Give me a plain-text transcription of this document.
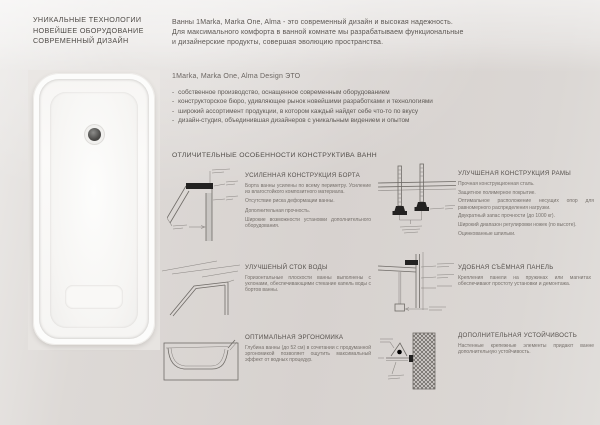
УНИКАЛЬНЫЕ ТЕХНОЛОГИИ
НОВЕЙШЕЕ ОБОРУДОВАНИЕ
СОВРЕМЕННЫЙ ДИЗАЙН
Ванны 1Marka, Marka One, Alma - это современный дизайн и высокая надежность.
Для максимального комфорта в ванной комнате мы разрабатываем функциональные
и дизайнерские продукты, совершая эволюцию пространства.
1Marka, Marka One, Alma Design ЭТО
- собственное производство, оснащенное современным оборудованием
- конструкторское бюро, удивляющее рынок новейшими разработками и технологиями
- широкий ассортимент продукции, в котором каждый найдет себе что-то по вкусу
- дизайн-студия, объединившая дизайнеров с уникальным видением и опытом
ОТЛИЧИТЕЛЬНЫЕ ОСОБЕННОСТИ КОНСТРУКТИВА ВАНН
УСИЛЕННАЯ КОНСТРУКЦИЯ БОРТА

Борта ванны усилены по всему периметру. Усиление из влагостойкого композитного материала.

Отсутствие риска деформации ванны.

Дополнительная прочность.

Широкие возможности установки дополнительного оборудования.

УЛУЧШЕНАЯ КОНСТРУКЦИЯ РАМЫ

Прочная конструкционная сталь.

Защитное полимерное покрытие.

Оптимальное расположение несущих опор для равномерного распределения нагрузки.

Двукратный запас прочности (до 1000 кг).

Широкий диапазон регулировки ножек (по высоте).

Оцинкованные шпильки.

УЛУЧШЕНЫЙ СТОК ВОДЫ

Горизонтальные плоскости ванны выполнены с уклонами, обеспечивающими стекание капель воды с бортов ванны.

УДОБНАЯ СЪЁМНАЯ ПАНЕЛЬ

Крепления панели на пружинах или магнитах обеспечивают простоту установки и демонтажа.

ОПТИМАЛЬНАЯ ЭРГОНОМИКА

Глубина ванны (до 52 см) в сочетании с продуманной эргономикой позволяет ощутить максимальный эффект от водных процедур.

ДОПОЛНИТЕЛЬНАЯ УСТОЙЧИВОСТЬ

Настенные крепежные элементы придают ванне дополнительную устойчивость.
